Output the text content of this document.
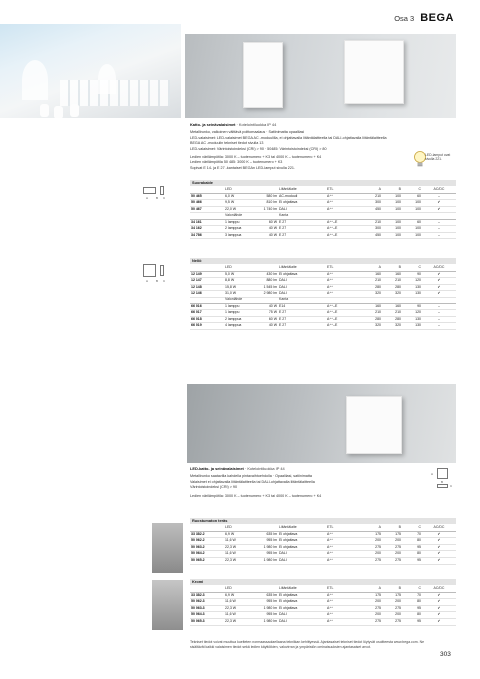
Osa 3 BEGA
Katto- ja seinävalaisimet · Kotelointiluokka IP 44
Metallirunko, valkoinen välttävä polttomaalaus · Satiinimatta opaalilasi
LED-valaisimet: LED-valaisimet BEGA AC -moduulilla, ei ohjattavalla liitäntälaitteella tai DALI-ohjattavalla liitäntälaitteella
BEGA AC -moduulin tekniset tiedot sivulla 13
LED-valaisimet: Värintoistoindeksi (CRI) > 90 · 50485: Värintoistoindeksi (CRI) > 80
Ledien värilämpötila: 3000 K – tuotenumero + K3 tai 4000 K – tuotenumero + K4
Ledien värilämpötila 50 485: 3000 K – tuotenumero + K3
Sopivat E 14- ja E 27 -kantaiset BEGAn LED-lamput sivulla 221.
LED-lamput ovat sivulla 221.
A	B C
Suorakaide
	LED		Liitäntälaite	ETL	A	B	C	AC/DC
50 465	6,0 W	580 lm	AC-moduuli	A⁺⁺	210	100	60	–
50 466	9,5 W	810 lm	Ei ohjattava	A⁺⁺	300	100	100	✔
50 467	22,0 W	1 740 lm	DALI	A⁺⁺	450	100	100	✔
	Valonlähde		Kanta					
34 161	1 lamppu	60 W	E 27	A⁺⁺–E	210	100	60	–
34 162	2 lamppua	40 W	E 27	A⁺⁺–E	300	100	100	–
34 786	3 lamppua	40 W	E 27	A⁺⁺–E	450	100	100	–
A	B C
Neliö
	LED		Liitäntälaite	ETL	A	B	C	AC/DC
12 149	5,0 W	430 lm	Ei ohjattava	A⁺⁺	160	160	90	✔
12 147	8,8 W	880 lm	DALI	A⁺⁺	210	210	120	✔
12 148	15,8 W	1 545 lm	DALI	A⁺⁺	280	280	130	✔
12 146	31,0 W	2 980 lm	DALI	A⁺⁺	320	320	130	✔
	Valonlähde		Kanta					
66 016	1 lamppu	40 W	E14	A⁺⁺–E	160	160	90	–
66 017	1 lamppu	75 W	E 27	A⁺⁺–E	210	210	120	–
66 018	2 lamppua	60 W	E 27	A⁺⁺–E	280	280	130	–
66 019	4 lamppua	40 W	E 27	A⁺⁺–E	320	320	130	–
LED-katto- ja seinävalaisimet · Kotelointiluokka IP 44
Metallirunko saatavilla kahdella pintavaihtoehdolla · Opaalilasi, satiinimatta
Valaisimet ei ohjattavalla liitäntälaitteella tai DALI-ohjattavalla liitäntälaitteella
Värintoistoindeksi (CRI) > 90
Ledien värilämpötila: 3000 K – tuotenumero + K3 tai 4000 K – tuotenumero + K4
A
B
C
Ruostumaton teräs
	LED		Liitäntälaite	ETL	A	B	C	AC/DC
33 382.2	6,9 W	635 lm	Ei ohjattava	A⁺⁺	175	175	70	✔
50 062.2	11,6 W	955 lm	Ei ohjattava	A⁺⁺	200	200	80	✔
50 063.2	22,3 W	1 980 lm	Ei ohjattava	A⁺⁺	275	275	95	✔
50 064.2	11,6 W	955 lm	DALI	A⁺⁺	200	200	80	✔
50 065.2	22,3 W	1 980 lm	DALI	A⁺⁺	275	275	95	✔
Kromi
	LED		Liitäntälaite	ETL	A	B	C	AC/DC
33 382.3	6,9 W	635 lm	Ei ohjattava	A⁺⁺	175	175	70	✔
50 062.3	11,6 W	955 lm	Ei ohjattava	A⁺⁺	200	200	80	✔
50 063.3	22,3 W	1 980 lm	Ei ohjattava	A⁺⁺	275	275	95	✔
50 064.3	11,6 W	955 lm	DALI	A⁺⁺	200	200	80	✔
50 065.3	22,3 W	1 980 lm	DALI	A⁺⁺	275	275	95	✔
Tekniset tiedot voivat muuttua kuelteten normaassaolaellaana tekniikan kehittyessä. Ajantasaiset tekniset tiedot löytyvät osoitteesta www.bega.com. Ne sisältävät kaikki valaisimen tiedot sekä ledien käyttöikien, valovirran ja ympäristön ominaisuuksien ajantasaiset arvot.
303
